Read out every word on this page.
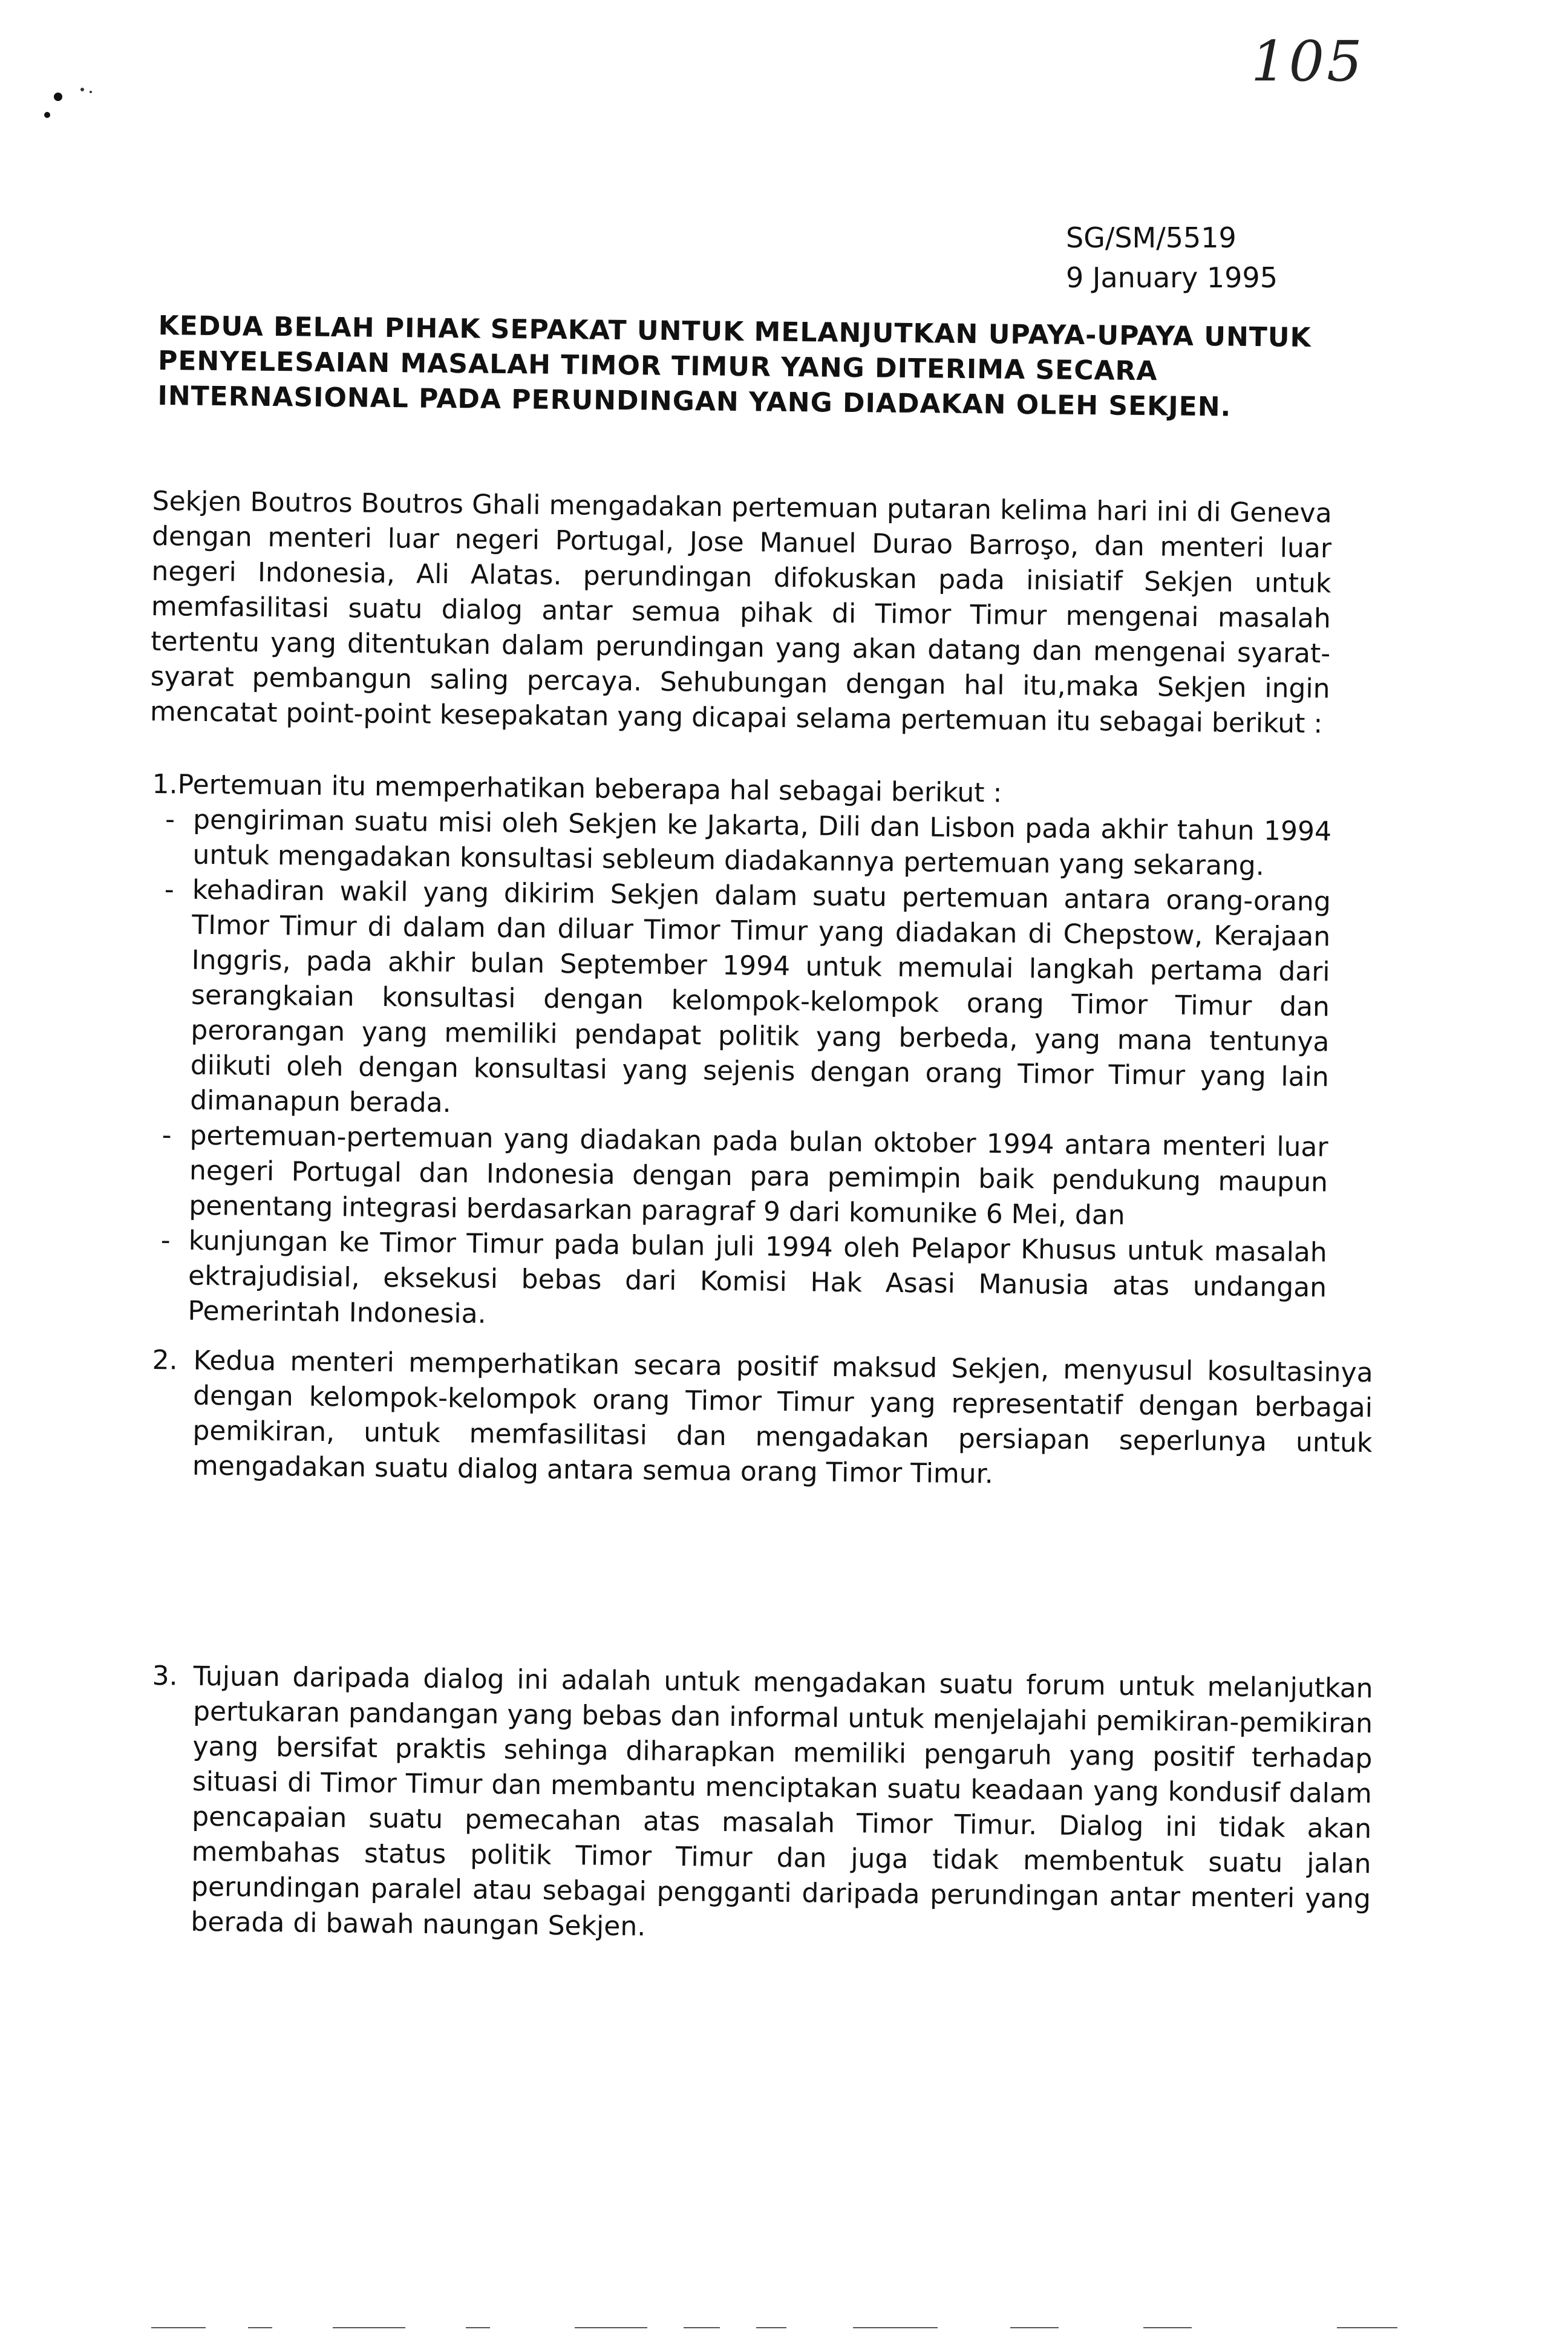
105
SG/SM/5519
9 January 1995
KEDUA BELAH PIHAK SEPAKAT UNTUK MELANJUTKAN UPAYA-UPAYA UNTUK PENYELESAIAN MASALAH TIMOR TIMUR YANG DITERIMA SECARA INTERNASIONAL PADA PERUNDINGAN YANG DIADAKAN OLEH SEKJEN.
Sekjen Boutros Boutros Ghali mengadakan pertemuan putaran kelima hari ini di Geneva dengan menteri luar negeri Portugal, Jose Manuel Durao Barroşo, dan menteri luar negeri Indonesia, Ali Alatas. perundingan difokuskan pada inisiatif Sekjen untuk memfasilitasi suatu dialog antar semua pihak di Timor Timur mengenai masalah tertentu yang ditentukan dalam perundingan yang akan datang dan mengenai syarat-syarat pembangun saling percaya. Sehubungan dengan hal itu,maka Sekjen ingin mencatat point-point kesepakatan yang dicapai selama pertemuan itu sebagai berikut :
1.Pertemuan itu memperhatikan beberapa hal sebagai berikut :
- pengiriman suatu misi oleh Sekjen ke Jakarta, Dili dan Lisbon pada akhir tahun 1994 untuk mengadakan konsultasi sebleum diadakannya pertemuan yang sekarang.
- kehadiran wakil yang dikirim Sekjen dalam suatu pertemuan antara orang-orang TImor Timur di dalam dan diluar Timor Timur yang diadakan di Chepstow, Kerajaan Inggris, pada akhir bulan September 1994 untuk memulai langkah pertama dari serangkaian konsultasi dengan kelompok-kelompok orang Timor Timur dan perorangan yang memiliki pendapat politik yang berbeda, yang mana tentunya diikuti oleh dengan konsultasi yang sejenis dengan orang Timor Timur yang lain dimanapun berada.
- pertemuan-pertemuan yang diadakan pada bulan oktober 1994 antara menteri luar negeri Portugal dan Indonesia dengan para pemimpin baik pendukung maupun penentang integrasi berdasarkan paragraf 9 dari komunike 6 Mei, dan
- kunjungan ke Timor Timur pada bulan juli 1994 oleh Pelapor Khusus untuk masalah ektrajudisial, eksekusi bebas dari Komisi Hak Asasi Manusia atas undangan Pemerintah Indonesia.
2. Kedua menteri memperhatikan secara positif maksud Sekjen, menyusul kosultasinya dengan kelompok-kelompok orang Timor Timur yang representatif dengan berbagai pemikiran, untuk memfasilitasi dan mengadakan persiapan seperlunya untuk mengadakan suatu dialog antara semua orang Timor Timur.
3. Tujuan daripada dialog ini adalah untuk mengadakan suatu forum untuk melanjutkan pertukaran pandangan yang bebas dan informal untuk menjelajahi pemikiran-pemikiran yang bersifat praktis sehinga diharapkan memiliki pengaruh yang positif terhadap situasi di Timor Timur dan membantu menciptakan suatu keadaan yang kondusif dalam pencapaian suatu pemecahan atas masalah Timor Timur. Dialog ini tidak akan membahas status politik Timor Timur dan juga tidak membentuk suatu jalan perundingan paralel atau sebagai pengganti daripada perundingan antar menteri yang berada di bawah naungan Sekjen.
